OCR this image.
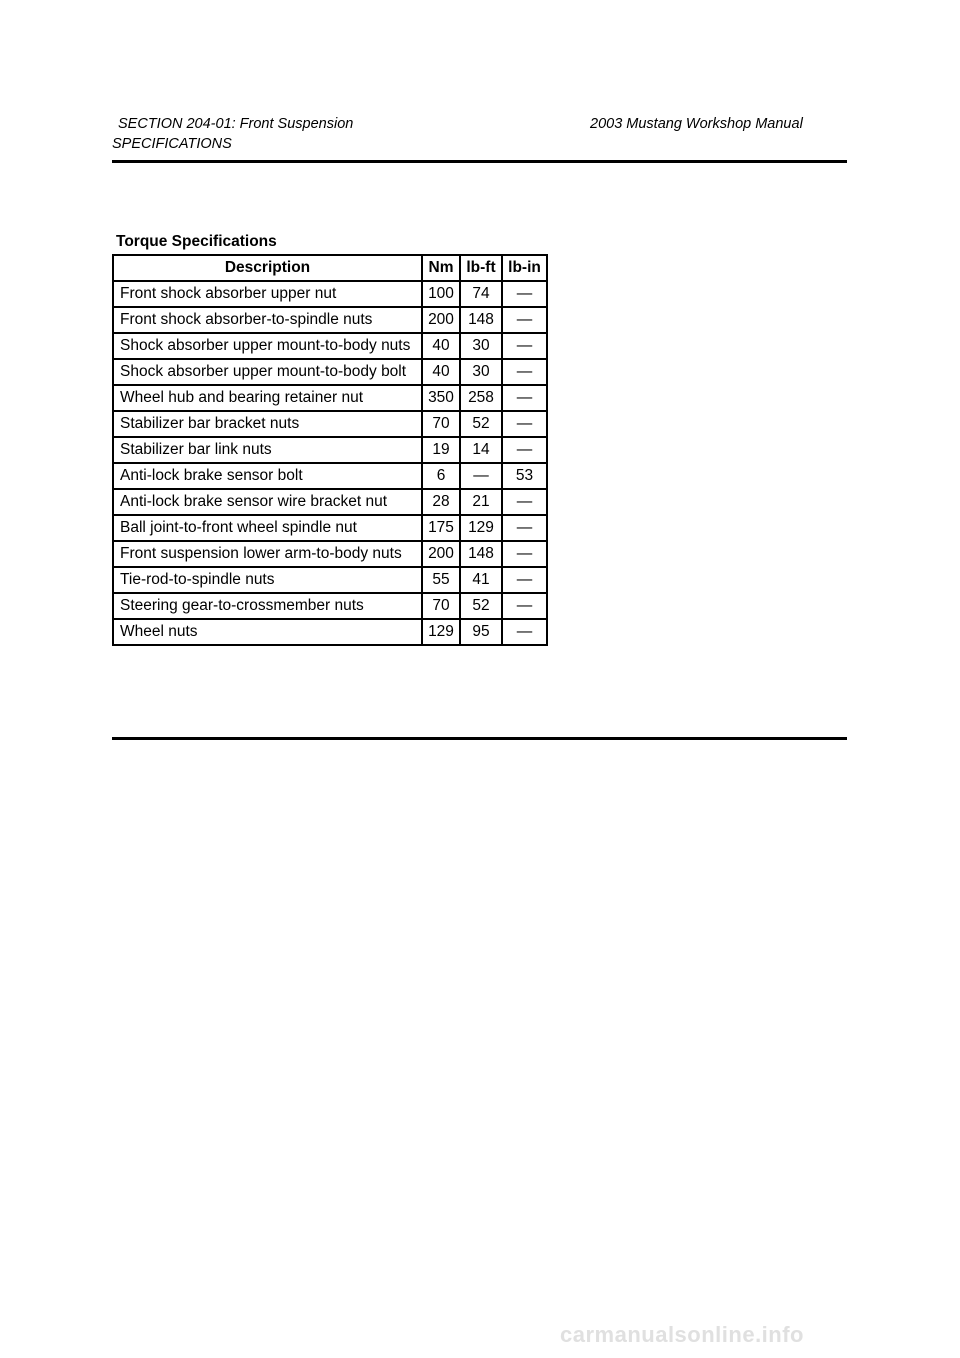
SECTION 204-01: Front Suspension	2003 Mustang Workshop Manual
SPECIFICATIONS
Torque Specifications
Description	Nm	lb-ft	lb-in
Front shock absorber upper nut	100	74	—
Front shock absorber-to-spindle nuts	200	148	—
Shock absorber upper mount-to-body nuts	40	30	—
Shock absorber upper mount-to-body bolt	40	30	—
Wheel hub and bearing retainer nut	350	258	—
Stabilizer bar bracket nuts	70	52	—
Stabilizer bar link nuts	19	14	—
Anti-lock brake sensor bolt	6	—	53
Anti-lock brake sensor wire bracket nut	28	21	—
Ball joint-to-front wheel spindle nut	175	129	—
Front suspension lower arm-to-body nuts	200	148	—
Tie-rod-to-spindle nuts	55	41	—
Steering gear-to-crossmember nuts	70	52	—
Wheel nuts	129	95	—
carmanualsonline.info
